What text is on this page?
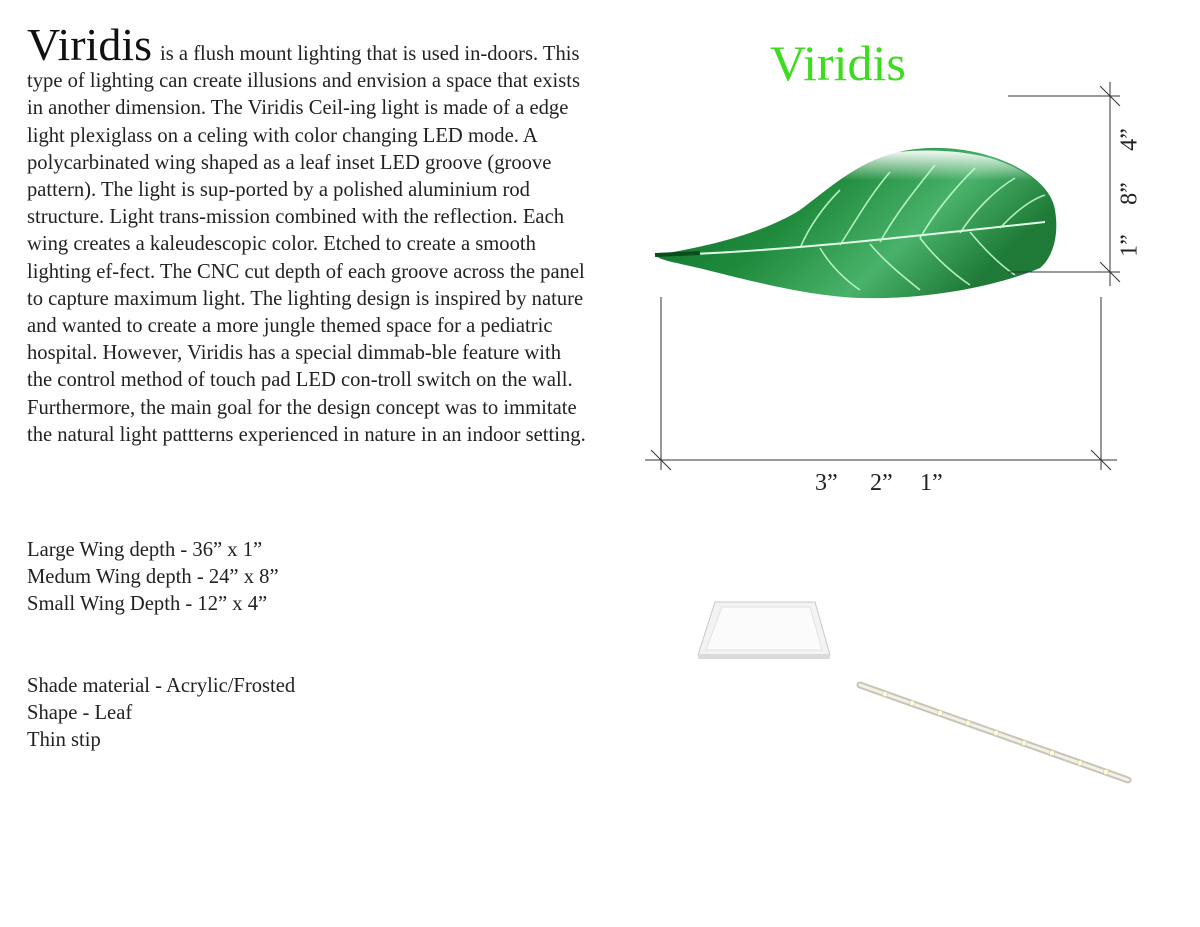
Viridis is a flush mount lighting that is used in-doors. This type of lighting can create illusions and envision a space that exists in another dimension. The Viridis Ceil-ing light is made of a edge light plexiglass on a celing with color changing LED mode. A polycarbinated wing shaped as a leaf inset LED groove (groove pattern). The light is sup-ported by a polished aluminium rod structure. Light trans-mission combined with the reflection. Each wing creates a kaleudescopic color. Etched to create a smooth lighting ef-fect. The CNC cut depth of each groove across the panel to capture maximum light. The lighting design is inspired by nature and wanted to create a more jungle themed space for a pediatric hospital. However, Viridis has a special dimmab-ble feature with the control method of touch pad LED con-troll switch on the wall. Furthermore, the main goal for the design concept was to immitate the natural light pattterns experienced in nature in an indoor setting.

Large Wing depth - 36” x 1”
Medum Wing depth - 24” x 8”
Small Wing Depth - 12” x 4”
Shade material - Acrylic/Frosted
Shape - Leaf
Thin stip
Viridis
3” 2” 1”
1”
8”
4”
